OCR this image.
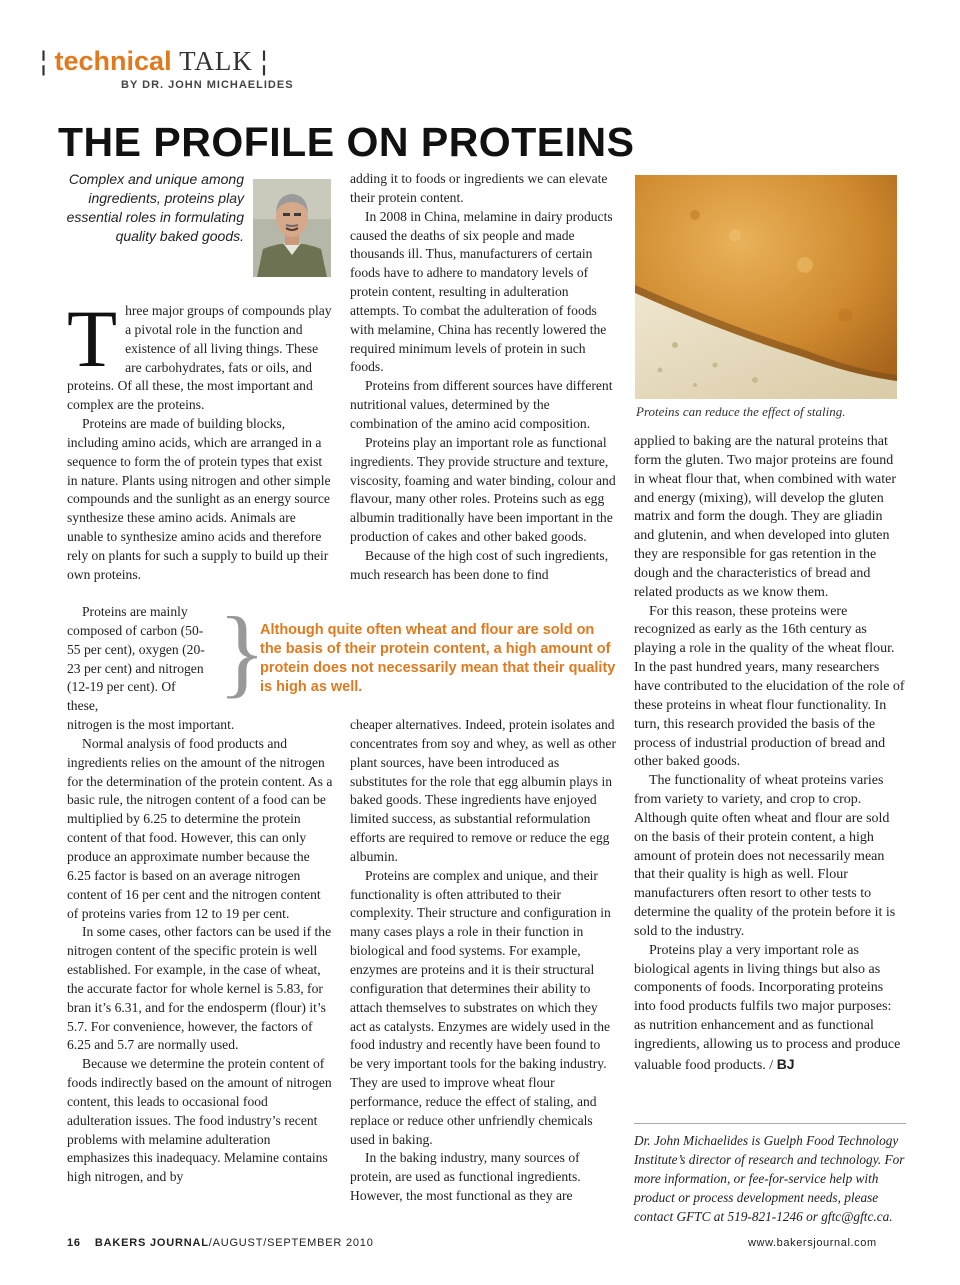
¦ technical TALK ¦
BY DR. JOHN MICHAELIDES
THE PROFILE ON PROTEINS
Complex and unique among ingredients, proteins play essential roles in formulating quality baked goods.
T hree major groups of compounds play a pivotal role in the function and existence of all living things. These are carbohydrates, fats or oils, and proteins. Of all these, the most important and complex are the proteins.

Proteins are made of building blocks, including amino acids, which are arranged in a sequence to form the of protein types that exist in nature. Plants using nitrogen and other simple compounds and the sunlight as an energy source synthesize these amino acids. Animals are unable to synthesize amino acids and therefore rely on plants for such a supply to build up their own proteins.

Proteins are mainly composed of carbon (50-55 per cent), oxygen (20-23 per cent) and nitrogen (12-19 per cent). Of these,

nitrogen is the most important.

Normal analysis of food products and ingredients relies on the amount of the nitrogen for the determination of the protein content. As a basic rule, the nitrogen content of a food can be multiplied by 6.25 to determine the protein content of that food. However, this can only produce an approximate number because the 6.25 factor is based on an average nitrogen content of 16 per cent and the nitrogen content of proteins varies from 12 to 19 per cent.

In some cases, other factors can be used if the nitrogen content of the specific protein is well established. For example, in the case of wheat, the accurate factor for whole kernel is 5.83, for bran it’s 6.31, and for the endosperm (flour) it’s 5.7. For convenience, however, the factors of 6.25 and 5.7 are normally used.

Because we determine the protein content of foods indirectly based on the amount of nitrogen content, this leads to occasional food adulteration issues. The food industry’s recent problems with melamine adulteration emphasizes this inadequacy. Melamine contains high nitrogen, and by

adding it to foods or ingredients we can elevate their protein content.

In 2008 in China, melamine in dairy products caused the deaths of six people and made thousands ill. Thus, manufacturers of certain foods have to adhere to mandatory levels of protein content, resulting in adulteration attempts. To combat the adulteration of foods with melamine, China has recently lowered the required minimum levels of protein in such foods.

Proteins from different sources have different nutritional values, determined by the combination of the amino acid composition.

Proteins play an important role as functional ingredients. They provide structure and texture, viscosity, foaming and water binding, colour and flavour, many other roles. Proteins such as egg albumin traditionally have been important in the production of cakes and other baked goods.

Because of the high cost of such ingredients, much research has been done to find

cheaper alternatives. Indeed, protein isolates and concentrates from soy and whey, as well as other plant sources, have been introduced as substitutes for the role that egg albumin plays in baked goods. These ingredients have enjoyed limited success, as substantial reformulation efforts are required to remove or reduce the egg albumin.

Proteins are complex and unique, and their functionality is often attributed to their complexity. Their structure and configuration in many cases plays a role in their function in biological and food systems. For example, enzymes are proteins and it is their structural configuration that determines their ability to attach themselves to substrates on which they act as catalysts. Enzymes are widely used in the food industry and recently have been found to be very important tools for the baking industry. They are used to improve wheat flour performance, reduce the effect of staling, and replace or reduce other unfriendly chemicals used in baking.

In the baking industry, many sources of protein, are used as functional ingredients. However, the most functional as they are

}
Although quite often wheat and flour are sold on the basis of their protein content, a high amount of protein does not necessarily mean that their quality is high as well.
Proteins can reduce the effect of staling.

applied to baking are the natural proteins that form the gluten. Two major proteins are found in wheat flour that, when combined with water and energy (mixing), will develop the gluten matrix and form the dough. They are gliadin and glutenin, and when developed into gluten they are responsible for gas retention in the dough and the characteristics of bread and related products as we know them.

For this reason, these proteins were recognized as early as the 16th century as playing a role in the quality of the wheat flour. In the past hundred years, many researchers have contributed to the elucidation of the role of these proteins in wheat flour functionality. In turn, this research provided the basis of the process of industrial production of bread and other baked goods.

The functionality of wheat proteins varies from variety to variety, and crop to crop. Although quite often wheat and flour are sold on the basis of their protein content, a high amount of protein does not necessarily mean that their quality is high as well. Flour manufacturers often resort to other tests to determine the quality of the protein before it is sold to the industry.

Proteins play a very important role as biological agents in living things but also as components of foods. Incorporating proteins into food products fulfils two major purposes: as nutrition enhancement and as functional ingredients, allowing us to process and produce valuable food products. / BJ

Dr. John Michaelides is Guelph Food Technology Institute’s director of research and technology. For more information, or fee-for-service help with product or process development needs, please contact GFTC at 519-821-1246 or gftc@gftc.ca.
16 BAKERS JOURNAL/AUGUST/SEPTEMBER 2010	www.bakersjournal.com
